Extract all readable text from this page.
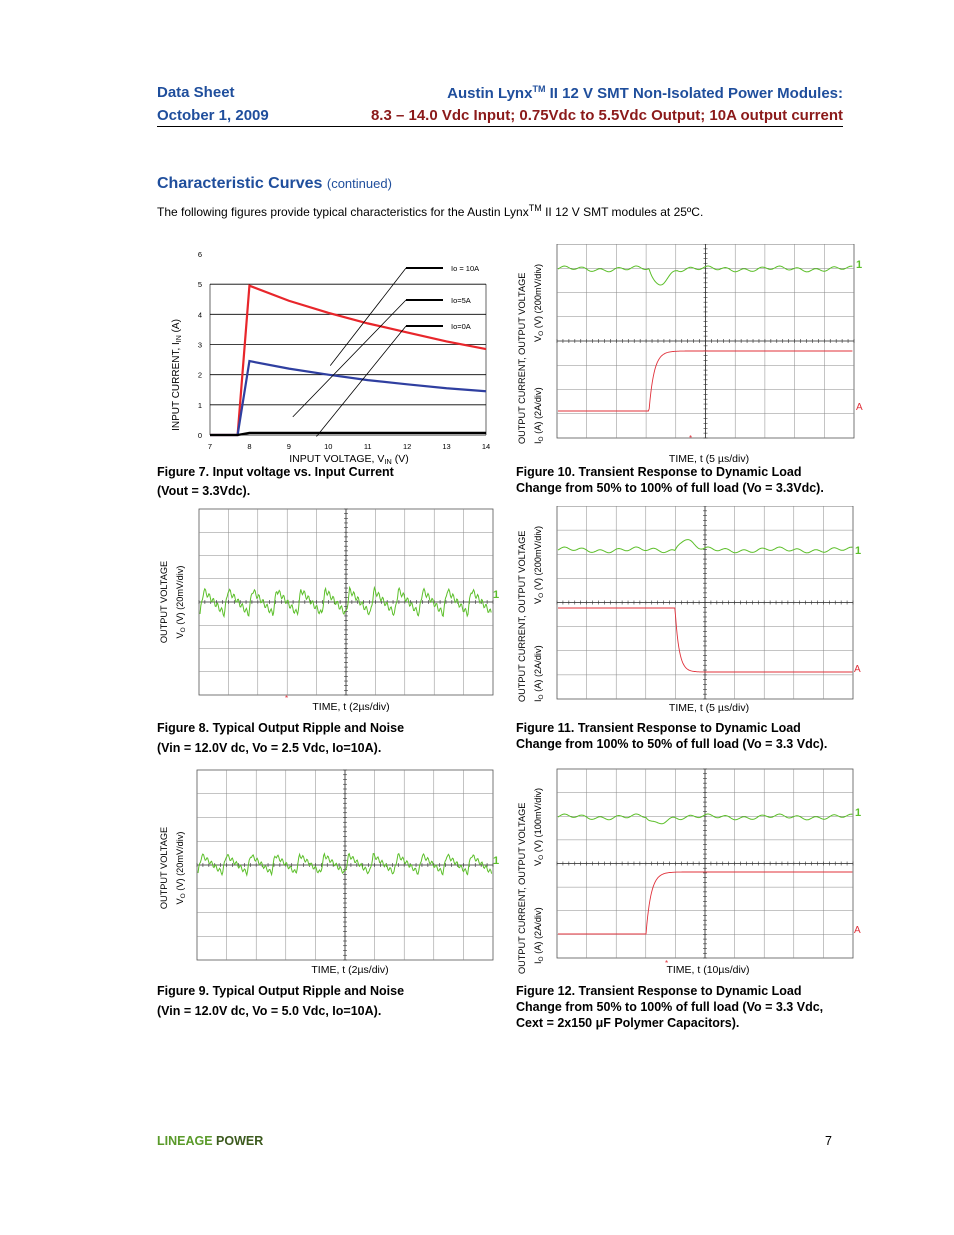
Data Sheet
October 1, 2009
Austin Lynx™ II 12 V SMT Non-Isolated Power Modules:
8.3 – 14.0 Vdc Input; 0.75Vdc to 5.5Vdc Output; 10A output current
Characteristic Curves (continued)
The following figures provide typical characteristics for the Austin Lynx™ II 12 V SMT modules at 25ºC.
7	8	9	10	11	12	13	14
0
1
2
3
4
5
6
Io = 10A
Io=5A
Io=0A
INPUT CURRENT, $I_{IN}$ (A)
INPUT VOLTAGE, VIN (V)
Figure 7. Input voltage vs. Input Current
(Vout = 3.3Vdc).
1
A
*
OUTPUT CURRENT, OUTPUT VOLTAGE $V_O$ (V) (200mV/div)
$I_O$ (A) (2A/div)
TIME, t (5 µs/div)
Figure 10. Transient Response to Dynamic Load
Change from 50% to 100% of full load (Vo = 3.3Vdc).
1
*
OUTPUT VOLTAGE $V_O$ (V) (20mV/div)
TIME, t (2µs/div)
Figure 8. Typical Output Ripple and Noise
(Vin = 12.0V dc, Vo = 2.5 Vdc, Io=10A).
1
A
OUTPUT CURRENT, OUTPUT VOLTAGE $V_O$ (V) (200mV/div)
$I_O$ (A) (2A/div)
TIME, t (5 µs/div)
Figure 11. Transient Response to Dynamic Load
Change from 100% to 50% of full load (Vo = 3.3 Vdc).
1
OUTPUT VOLTAGE $V_O$ (V) (20mV/div)
TIME, t (2µs/div)
Figure 9. Typical Output Ripple and Noise
(Vin = 12.0V dc, Vo = 5.0 Vdc, Io=10A).
1
A
*
OUTPUT CURRENT, OUTPUT VOLTAGE $V_O$ (V) (100mV/div)
$I_O$ (A) (2A/div)
TIME, t (10µs/div)
Figure 12. Transient Response to Dynamic Load
Change from 50% to 100% of full load (Vo = 3.3 Vdc,
Cext = 2x150 μF Polymer Capacitors).
LINEAGE POWER	7
